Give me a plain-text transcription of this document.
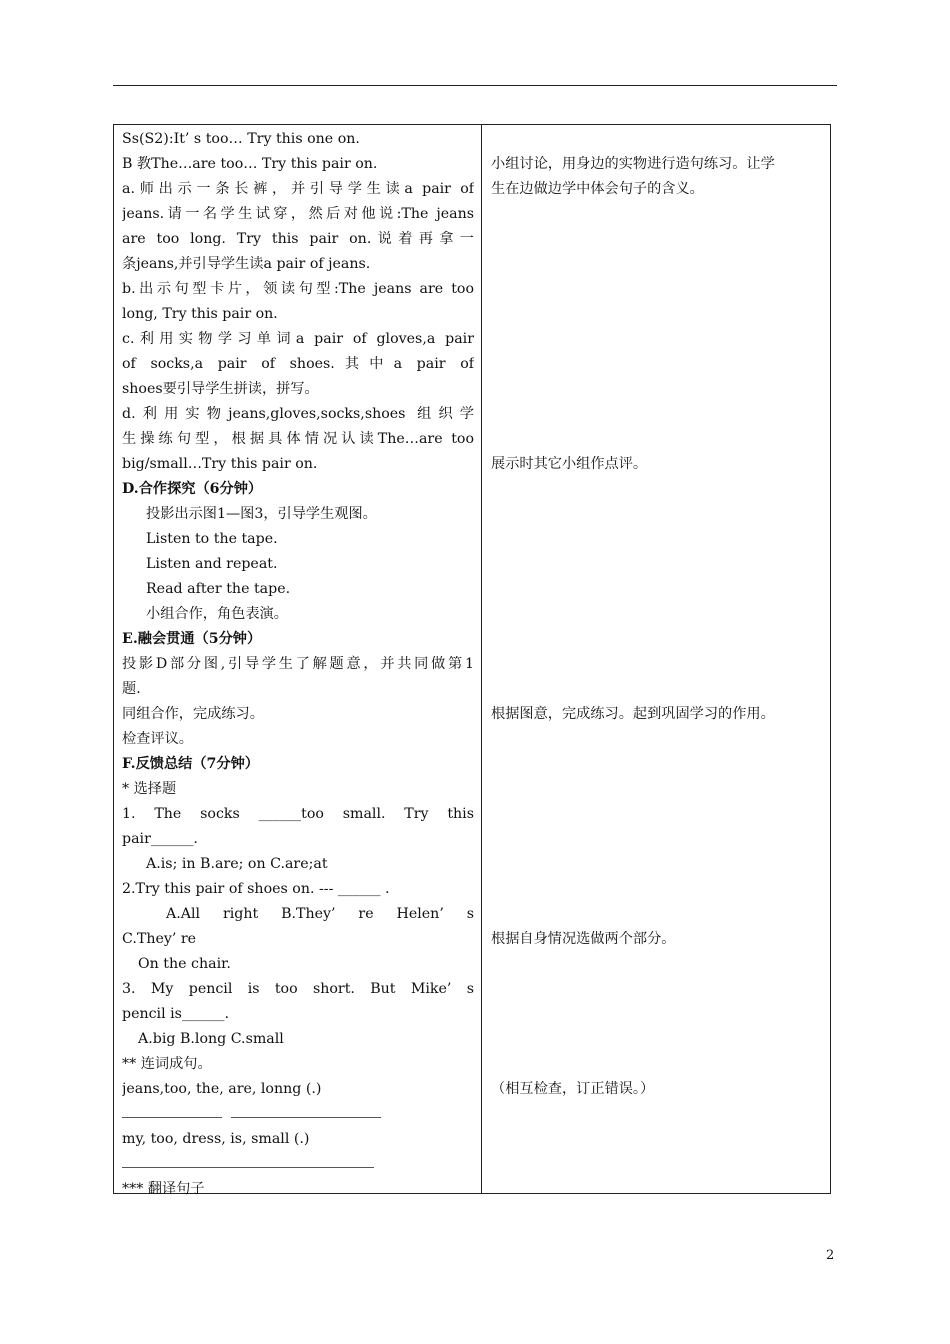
Ss(S2):It’ s too… Try this one on.
B 教The…are too… Try this pair on.
a.师出示一条长裤，并引导学生读a pair of
jeans.请一名学生试穿，然后对他说:The jeans
are too long. Try this pair on.说着再拿一
条jeans,并引导学生读a pair of jeans.
b.出示句型卡片，领读句型:The jeans are too
long, Try this pair on.
c.利用实物学习单词a pair of gloves,a pair
of socks,a pair of shoes.其中a pair of
shoes要引导学生拼读，拼写。
d.利用实物jeans,gloves,socks,shoes 组织学
生操练句型，根据具体情况认读The…are too
big/small…Try this pair on.
D.合作探究（6分钟）
投影出示图1—图3，引导学生观图。
Listen to the tape.
Listen and repeat.
Read after the tape.
小组合作，角色表演。
E.融会贯通（5分钟）
投影D部分图,引导学生了解题意，并共同做第1
题.
同组合作，完成练习。
检查评议。
F.反馈总结（7分钟）
* 选择题
1. The socks ______too small. Try this
pair______.
A.is; in B.are; on C.are;at
2.Try this pair of shoes on. --- ______ .
A.All right B.They’ re Helen’ s
C.They’ re
On the chair.
3. My pencil is too short. But Mike’ s
pencil is______.
A.big B.long C.small
** 连词成句。
jeans,too, the, are, lonng (.)

my, too, dress, is, small (.)
*** 翻译句子
小组讨论，用身边的实物进行造句练习。让学
生在边做边学中体会句子的含义。
展示时其它小组作点评。
根据图意，完成练习。起到巩固学习的作用。
根据自身情况选做两个部分。
（相互检查，订正错误。）
2
